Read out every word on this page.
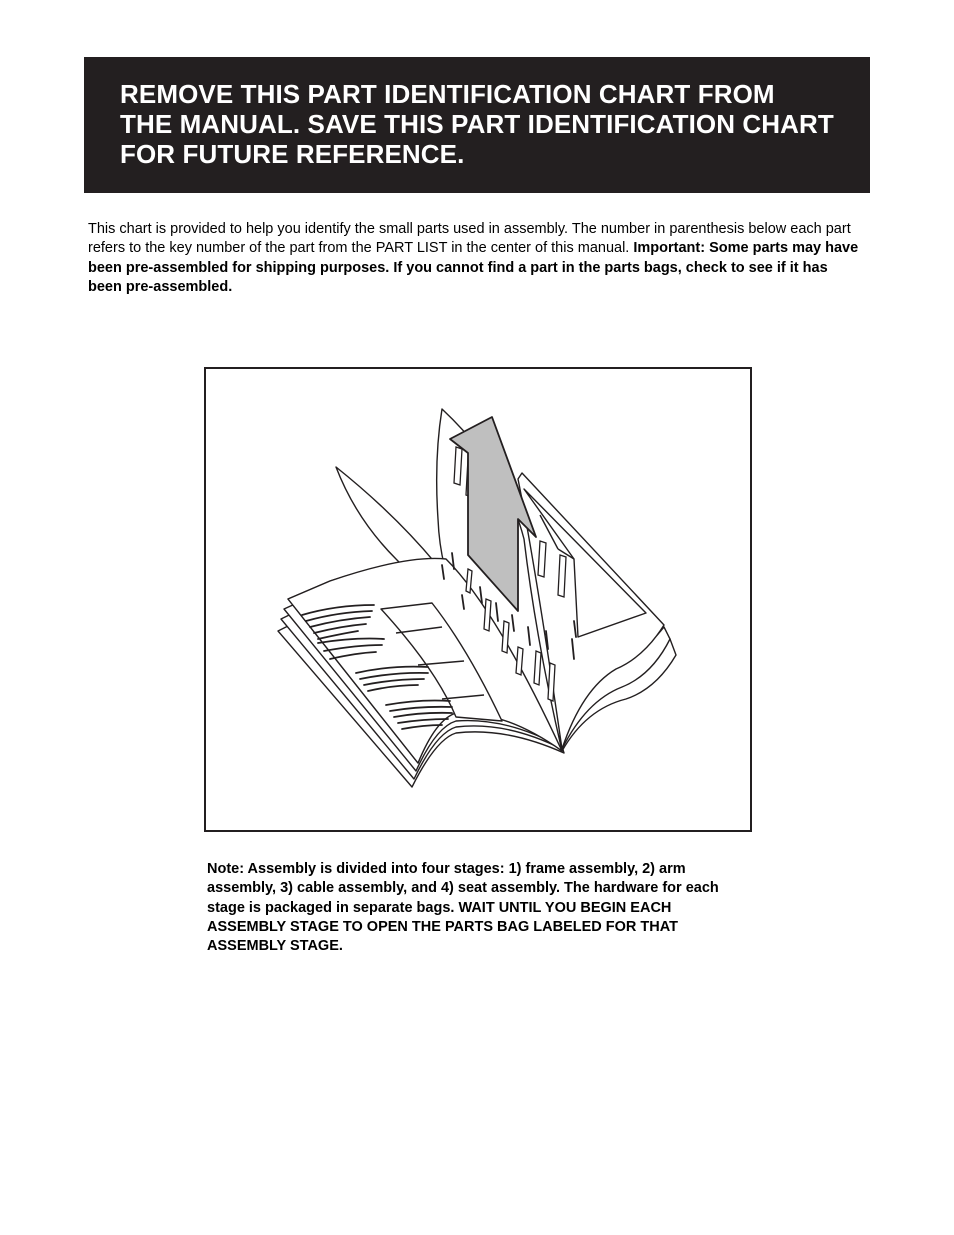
REMOVE THIS PART IDENTIFICATION CHART FROM THE MANUAL. SAVE THIS PART IDENTIFICATION CHART FOR FUTURE REFERENCE.

This chart is provided to help you identify the small parts used in assembly. The number in parenthesis below each part refers to the key number of the part from the PART LIST in the center of this manual. Important: Some parts may have been pre-assembled for shipping purposes. If you cannot find a part in the parts bags, check to see if it has been pre-assembled.

Note: Assembly is divided into four stages: 1) frame assembly, 2) arm assembly, 3) cable assembly, and 4) seat assembly. The hardware for each stage is packaged in separate bags. WAIT UNTIL YOU BEGIN EACH ASSEMBLY STAGE TO OPEN THE PARTS BAG LABELED FOR THAT ASSEMBLY STAGE.
